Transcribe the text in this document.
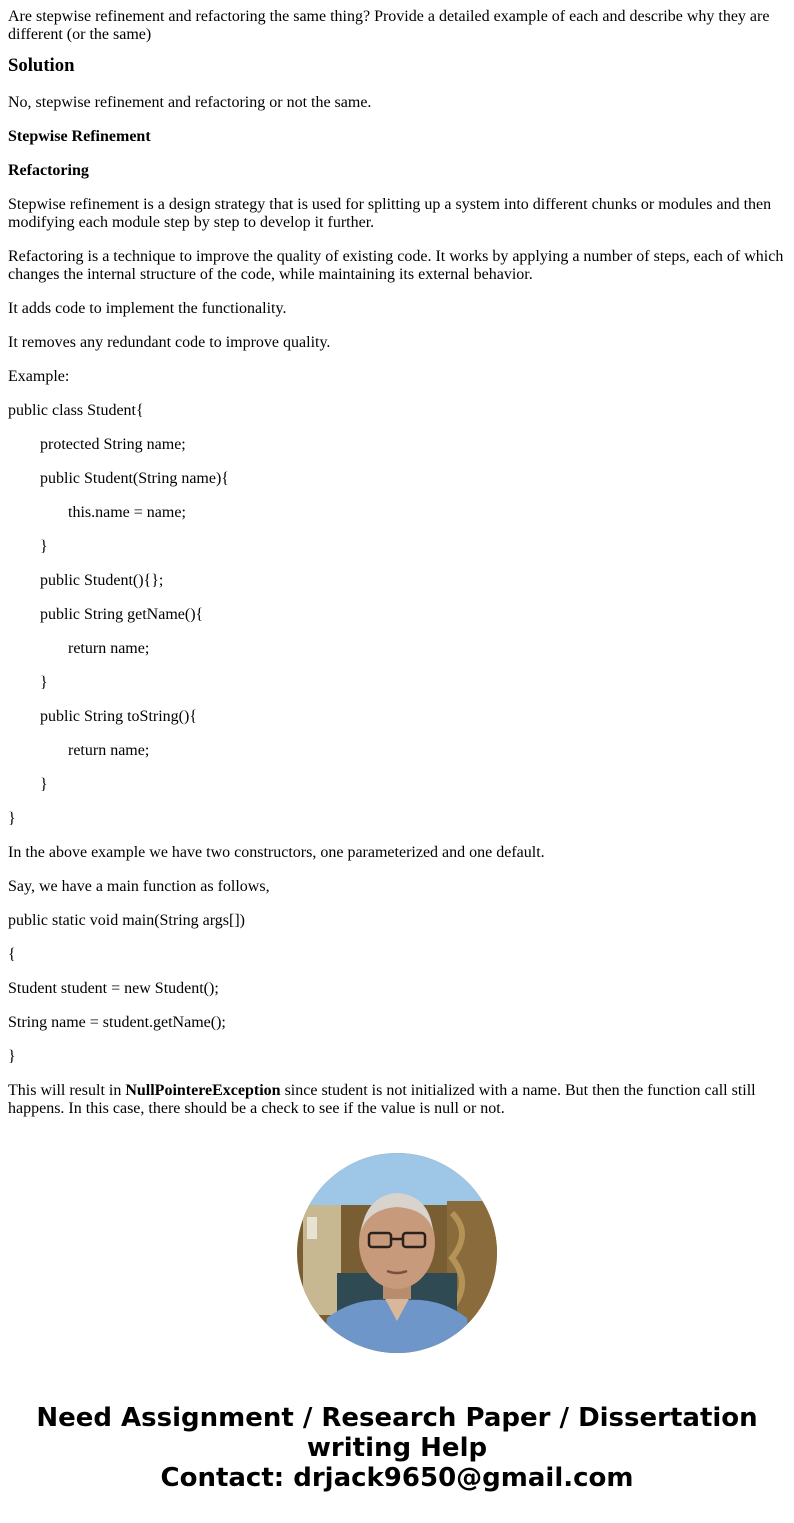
Are stepwise refinement and refactoring the same thing? Provide a detailed example of each and describe why they are different (or the same)

Solution

No, stepwise refinement and refactoring or not the same.

Stepwise Refinement

Refactoring

Stepwise refinement is a design strategy that is used for splitting up a system into different chunks or modules and then modifying each module step by step to develop it further.

Refactoring is a technique to improve the quality of existing code. It works by applying a number of steps, each of which changes the internal structure of the code, while maintaining its external behavior.

It adds code to implement the functionality.

It removes any redundant code to improve quality.

Example:

public class Student{

protected String name;

public Student(String name){

this.name = name;

}

public Student(){};

public String getName(){

return name;

}

public String toString(){

return name;

}

}

In the above example we have two constructors, one parameterized and one default.

Say, we have a main function as follows,

public static void main(String args[])

{

Student student = new Student();

String name = student.getName();

}

This will result in NullPointereException since student is not initialized with a name. But then the function call still happens. In this case, there should be a check to see if the value is null or not.

Need Assignment / Research Paper / Dissertation
writing Help
Contact: drjack9650@gmail.com
